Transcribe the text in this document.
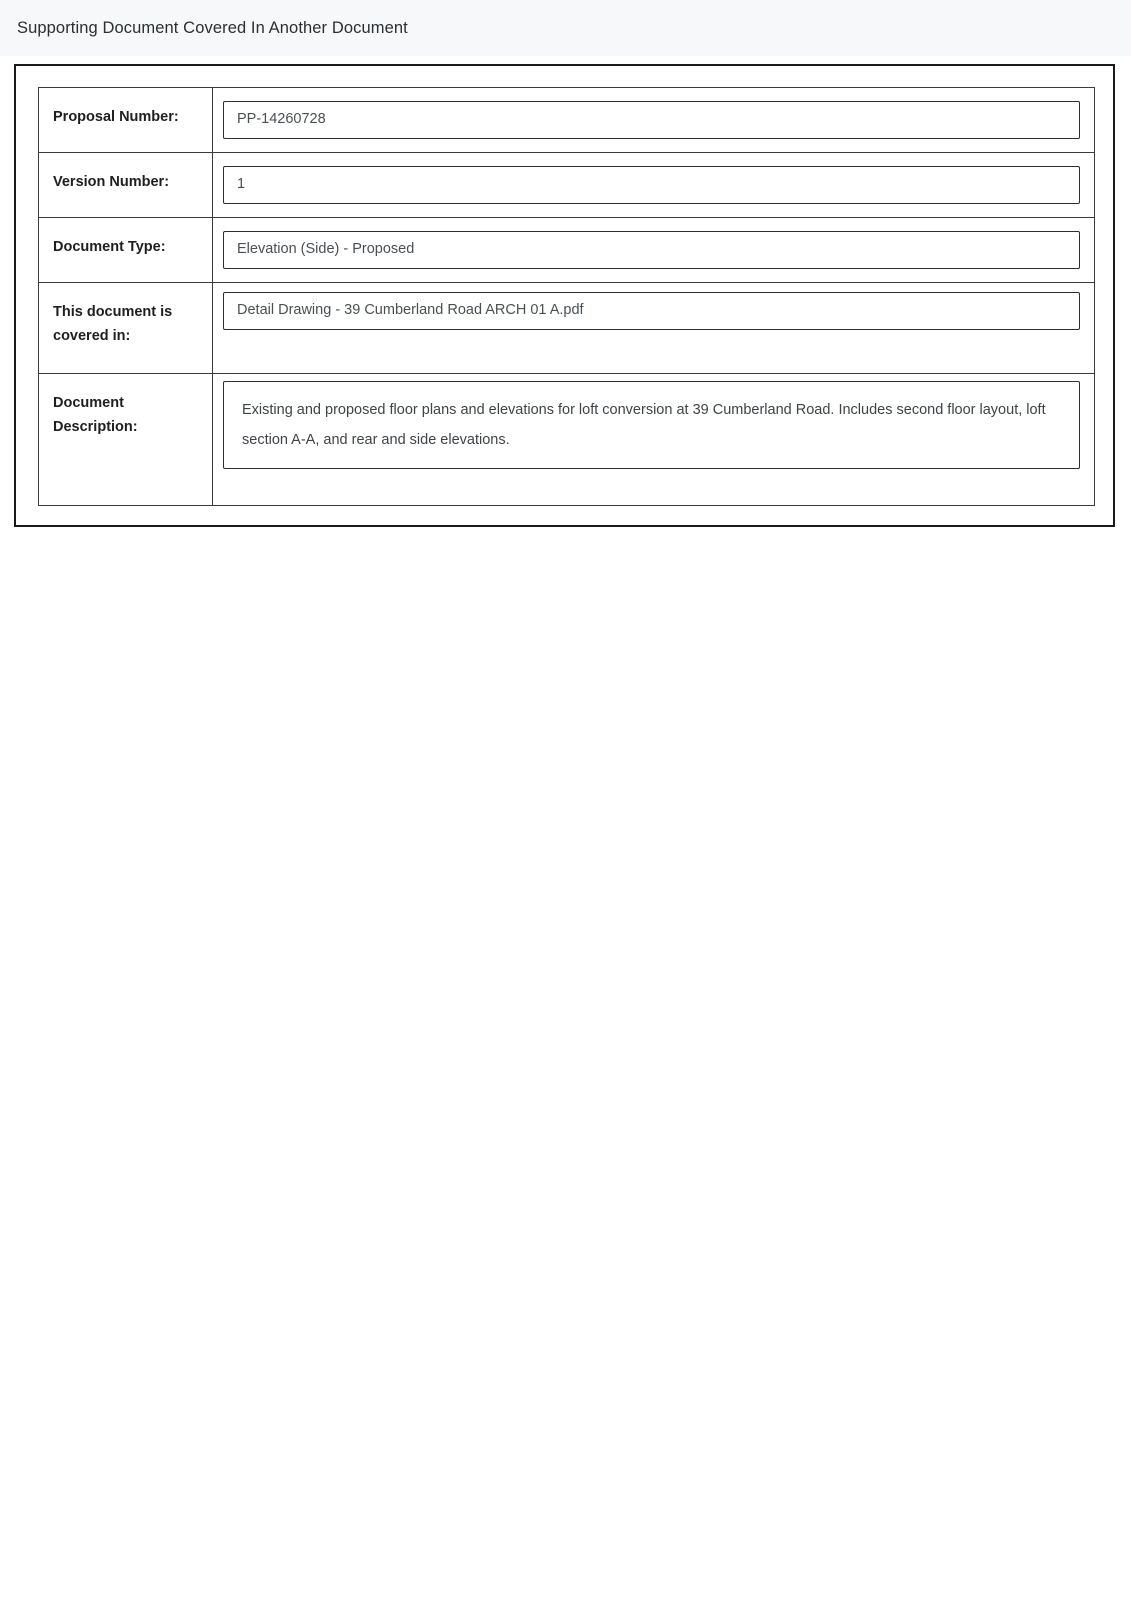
Supporting Document Covered In Another Document
Proposal Number:	PP-14260728

Version Number:	1

Document Type:	Elevation (Side) - Proposed

This document is covered in:	Detail Drawing - 39 Cumberland Road ARCH 01 A.pdf

Document Description:	Existing and proposed floor plans and elevations for loft conversion at 39 Cumberland Road. Includes second floor layout, loft section A-A, and rear and side elevations.
